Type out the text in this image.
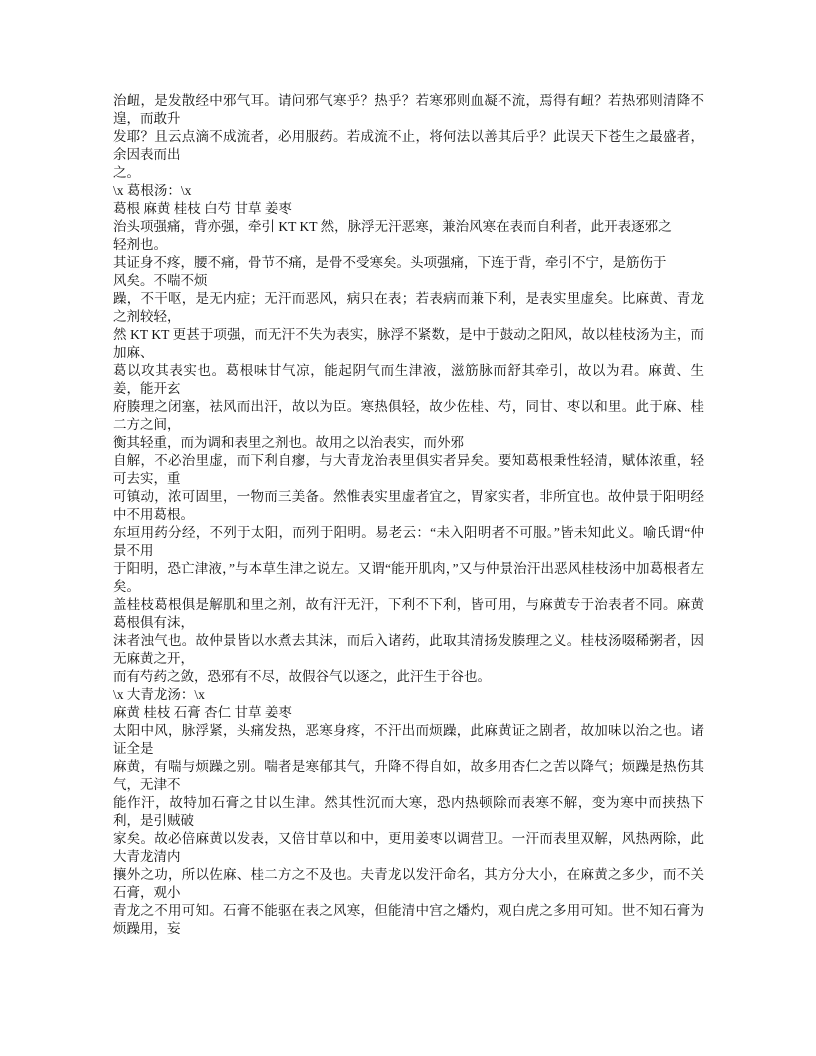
治衄，是发散经中邪气耳。请问邪气寒乎？热乎？若寒邪则血凝不流，焉得有衄？若热邪则清降不遑，而敢升
发耶？且云点滴不成流者，必用服药。若成流不止，将何法以善其后乎？此误天下苍生之最盛者，余因表而出
之。
\x 葛根汤：\x
葛根 麻黄 桂枝 白芍 甘草 姜枣
治头项强痛，背亦强，牵引 KT KT 然，脉浮无汗恶寒，兼治风寒在表而自利者，此开表逐邪之
轻剂也。
其证身不疼，腰不痛，骨节不痛，是骨不受寒矣。头项强痛，下连于背，牵引不宁，是筋伤于
风矣。不喘不烦
躁，不干呕，是无内症；无汗而恶风，病只在表；若表病而兼下利，是表实里虚矣。比麻黄、青龙之剂较轻，
然 KT KT 更甚于项强，而无汗不失为表实，脉浮不紧数，是中于鼓动之阳风，故以桂枝汤为主，而加麻、
葛以攻其表实也。葛根味甘气凉，能起阴气而生津液，滋筋脉而舒其牵引，故以为君。麻黄、生姜，能开玄
府腠理之闭塞，祛风而出汗，故以为臣。寒热俱轻，故少佐桂、芍，同甘、枣以和里。此于麻、桂二方之间，
衡其轻重，而为调和表里之剂也。故用之以治表实，而外邪
自解，不必治里虚，而下利自瘳，与大青龙治表里俱实者异矣。要知葛根秉性轻清，赋体浓重，轻可去实，重
可镇动，浓可固里，一物而三美备。然惟表实里虚者宜之，胃家实者，非所宜也。故仲景于阳明经中不用葛根。
东垣用药分经，不列于太阳，而列于阳明。易老云：“未入阳明者不可服。”皆未知此义。喻氏谓“仲景不用
于阳明，恐亡津液，”与本草生津之说左。又谓“能开肌肉，”又与仲景治汗出恶风桂枝汤中加葛根者左矣。
盖桂枝葛根俱是解肌和里之剂，故有汗无汗，下利不下利，皆可用，与麻黄专于治表者不同。麻黄葛根俱有沫，
沫者浊气也。故仲景皆以水煮去其沫，而后入诸药，此取其清扬发腠理之义。桂枝汤啜稀粥者，因无麻黄之开，
而有芍药之敛，恐邪有不尽，故假谷气以逐之，此汗生于谷也。
\x 大青龙汤：\x
麻黄 桂枝 石膏 杏仁 甘草 姜枣
太阳中风，脉浮紧，头痛发热，恶寒身疼，不汗出而烦躁，此麻黄证之剧者，故加味以治之也。诸证全是
麻黄，有喘与烦躁之别。喘者是寒郁其气，升降不得自如，故多用杏仁之苦以降气；烦躁是热伤其气，无津不
能作汗，故特加石膏之甘以生津。然其性沉而大寒，恐内热顿除而表寒不解，变为寒中而挟热下利，是引贼破
家矣。故必倍麻黄以发表，又倍甘草以和中，更用姜枣以调营卫。一汗而表里双解，风热两除，此大青龙清内
攘外之功，所以佐麻、桂二方之不及也。夫青龙以发汗命名，其方分大小，在麻黄之多少，而不关石膏，观小
青龙之不用可知。石膏不能驱在表之风寒，但能清中宫之燔灼，观白虎之多用可知。世不知石膏为烦躁用，妄
